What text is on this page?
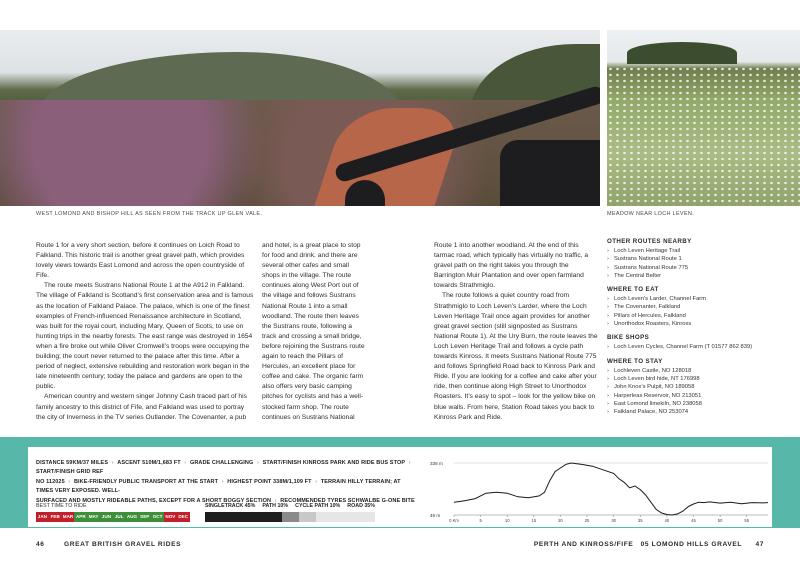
WEST LOMOND AND BISHOP HILL AS SEEN FROM THE TRACK UP GLEN VALE.	MEADOW NEAR LOCH LEVEN.

Route 1 for a very short section, before it continues on Loich Road to Falkland. This historic trail is another great gravel path, which provides lovely views towards East Lomond and across the open countryside of Fife.

The route meets Sustrans National Route 1 at the A912 in Falkland. The village of Falkland is Scotland’s first conservation area and is famous as the location of Falkland Palace. The palace, which is one of the finest examples of French-influenced Renaissance architecture in Scotland, was built for the royal court, including Mary, Queen of Scots, to use on hunting trips in the nearby forests. The east range was destroyed in 1654 when a fire broke out while Oliver Cromwell’s troops were occupying the building; the court never returned to the palace after this time. After a period of neglect, extensive rebuilding and restoration work began in the late nineteenth century; today the palace and gardens are open to the public.

American country and western singer Johnny Cash traced part of his family ancestry to this district of Fife, and Falkland was used to portray the city of Inverness in the TV series Outlander. The Covenanter, a pub

and hotel, is a great place to stop for food and drink, and there are several other cafes and small shops in the village. The route continues along West Port out of the village and follows Sustrans National Route 1 into a small woodland. The route then leaves the Sustrans route, following a track and crossing a small bridge, before rejoining the Sustrans route again to reach the Pillars of Hercules, an excellent place for coffee and cake. The organic farm also offers very basic camping pitches for cyclists and has a well-stocked farm shop. The route continues on Sustrans National

Route 1 into another woodland. At the end of this tarmac road, which typically has virtually no traffic, a gravel path on the right takes you through the Barrington Muir Plantation and over open farmland towards Strathmiglo.

The route follows a quiet country road from Strathmiglo to Loch Leven’s Larder, where the Loch Leven Heritage Trail once again provides for another great gravel section (still signposted as Sustrans National Route 1). At the Ury Burn, the route leaves the Loch Leven Heritage Trail and follows a cycle path towards Kinross. It meets Sustrans National Route 775 and follows Springfield Road back to Kinross Park and Ride. If you are looking for a coffee and cake after your ride, then continue along High Street to Unorthodox Roasters. It’s easy to spot – look for the yellow bike on blue walls. From here, Station Road takes you back to Kinross Park and Ride.

OTHER ROUTES NEARBY
› Loch Leven Heritage Trail
› Sustrans National Route 1
› Sustrans National Route 775
› The Central Belter
WHERE TO EAT
› Loch Leven’s Larder, Channel Farm
› The Covenanter, Falkland
› Pillars of Hercules, Falkland
› Unorthodox Roasters, Kinross
BIKE SHOPS
› Loch Leven Cycles, Channel Farm (T 01577 862 839)
WHERE TO STAY
› Lochleven Castle, NO 128018
› Loch Leven bird hide, NT 176998
› John Knox’s Pulpit, NO 189058
› Harperleas Reservoir, NO 213051
› East Lomond limekiln, NO 238058
› Falkland Palace, NO 253074
DISTANCE 59KM/37 MILES › ASCENT 510M/1,683 FT › GRADE CHALLENGING › START/FINISH KINROSS PARK AND RIDE BUS STOP › START/FINISH GRID REF
NO 112025 › BIKE-FRIENDLY PUBLIC TRANSPORT AT THE START › HIGHEST POINT 338M/1,109 FT › TERRAIN HILLY TERRAIN; AT TIMES VERY EXPOSED. WELL-
SURFACED AND MOSTLY RIDEABLE PATHS, EXCEPT FOR A SHORT BOGGY SECTION › RECOMMENDED TYRES SCHWALBE G-ONE BITE
BEST TIME TO RIDE
JAN FEB MAR APR MAY JUN JUL AUG SEP OCT NOV DEC
SINGLETRACK 45% PATH 10% CYCLE PATH 10% ROAD 35%
338 m
49 m
0 Km	5	10	15	20	25	30	35	40	45	50	55
46	GREAT BRITISH GRAVEL RIDES	PERTH AND KINROSS/FIFE   05 LOMOND HILLS GRAVEL 47
